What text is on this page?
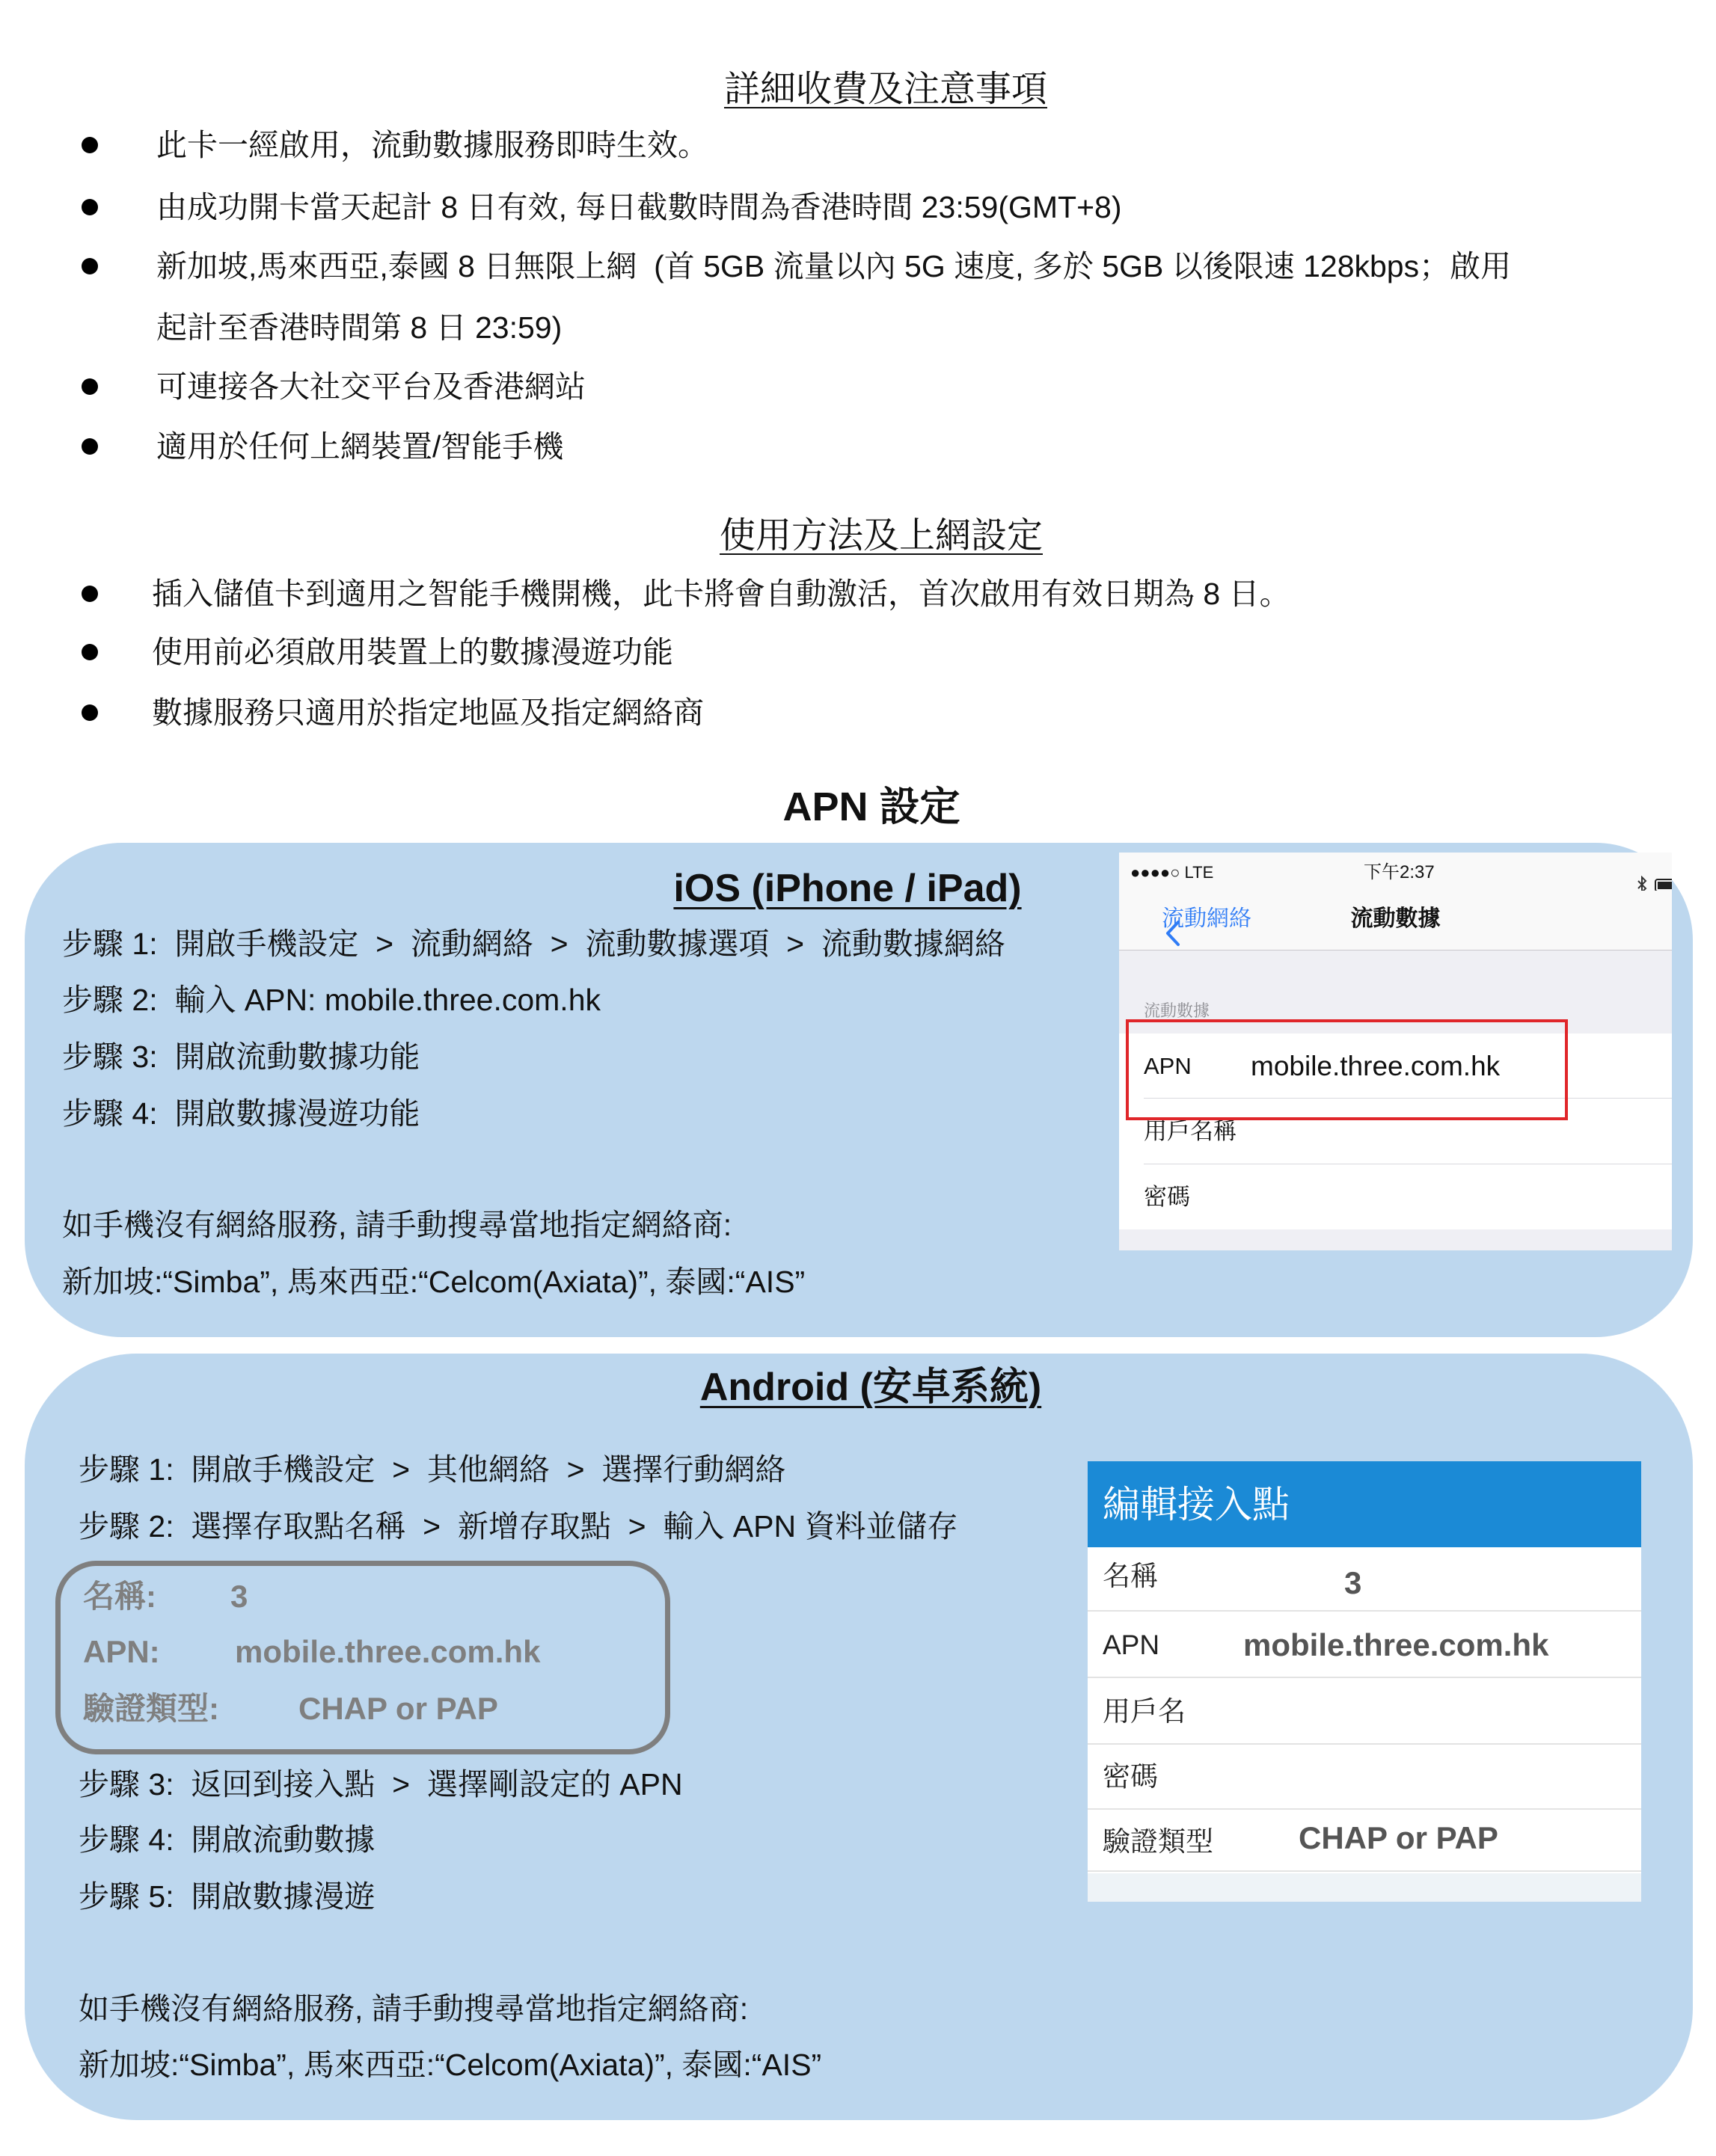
詳細收費及注意事項
此卡一經啟用，流動數據服務即時生效。
由成功開卡當天起計 8 日有效, 每日截數時間為香港時間 23:59(GMT+8)
新加坡,馬來西亞,泰國 8 日無限上網  (首 5GB 流量以內 5G 速度, 多於 5GB 以後限速 128kbps；啟用
起計至香港時間第 8 日 23:59)
可連接各大社交平台及香港網站
適用於任何上網裝置/智能手機
使用方法及上網設定
插入儲值卡到適用之智能手機開機，此卡將會自動激活，首次啟用有效日期為 8 日。
使用前必須啟用裝置上的數據漫遊功能
數據服務只適用於指定地區及指定網絡商
APN 設定
iOS (iPhone / iPad)
步驟 1:  開啟手機設定  >  流動網絡  >  流動數據選項  >  流動數據網絡
步驟 2:  輸入 APN: mobile.three.com.hk
步驟 3:  開啟流動數據功能
步驟 4:  開啟數據漫遊功能
如手機沒有網絡服務, 請手動搜尋當地指定網絡商:
新加坡:“Simba”, 馬來西亞:“Celcom(Axiata)”, 泰國:“AIS”
●●●●○ LTE	下午2:37

流動網絡	流動數據
流動數據
APN mobile.three.com.hk
用戶名稱
密碼
Android (安卓系統)
步驟 1:  開啟手機設定  >  其他網絡  >  選擇行動網絡
步驟 2:  選擇存取點名稱  >  新增存取點  >  輸入 APN 資料並儲存
名稱: 3
APN: mobile.three.com.hk
驗證類型:	CHAP or PAP
步驟 3:  返回到接入點  >  選擇剛設定的 APN
步驟 4:  開啟流動數據
步驟 5:  開啟數據漫遊
如手機沒有網絡服務, 請手動搜尋當地指定網絡商:
新加坡:“Simba”, 馬來西亞:“Celcom(Axiata)”, 泰國:“AIS”
編輯接入點
名稱	3
APN	mobile.three.com.hk
用戶名
密碼
驗證類型	CHAP or PAP
